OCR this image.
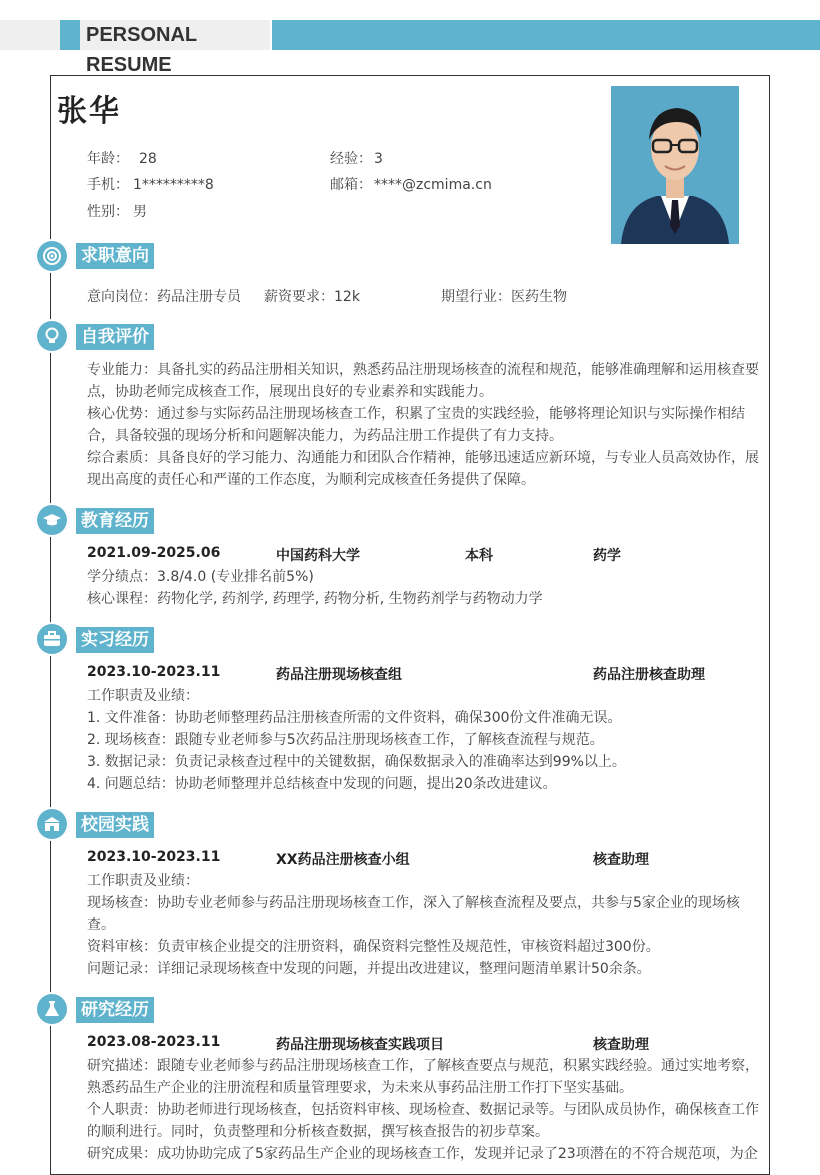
PERSONAL RESUME
张华
年龄： 28	经验： 3
手机： 1*********8	邮箱： ****@zcmima.cn
性别： 男
求职意向
意向岗位：药品注册专员 薪资要求：12k	期望行业：医药生物
自我评价
专业能力：具备扎实的药品注册相关知识，熟悉药品注册现场核查的流程和规范，能够准确理解和运用核查要
点，协助老师完成核查工作，展现出良好的专业素养和实践能力。
核心优势：通过参与实际药品注册现场核查工作，积累了宝贵的实践经验，能够将理论知识与实际操作相结
合，具备较强的现场分析和问题解决能力，为药品注册工作提供了有力支持。
综合素质：具备良好的学习能力、沟通能力和团队合作精神，能够迅速适应新环境，与专业人员高效协作，展
现出高度的责任心和严谨的工作态度，为顺利完成核查任务提供了保障。
教育经历
2021.09-2025.06	中国药科大学	本科	药学
学分绩点：3.8/4.0 (专业排名前5%)
核心课程：药物化学, 药剂学, 药理学, 药物分析, 生物药剂学与药物动力学
实习经历
2023.10-2023.11	药品注册现场核查组	药品注册核查助理
工作职责及业绩：
1. 文件准备：协助老师整理药品注册核查所需的文件资料，确保300份文件准确无误。
2. 现场核查：跟随专业老师参与5次药品注册现场核查工作，了解核查流程与规范。
3. 数据记录：负责记录核查过程中的关键数据，确保数据录入的准确率达到99%以上。
4. 问题总结：协助老师整理并总结核查中发现的问题，提出20条改进建议。
校园实践
2023.10-2023.11	XX药品注册核查小组	核查助理
工作职责及业绩：
现场核查：协助专业老师参与药品注册现场核查工作，深入了解核查流程及要点，共参与5家企业的现场核
查。
资料审核：负责审核企业提交的注册资料，确保资料完整性及规范性，审核资料超过300份。
问题记录：详细记录现场核查中发现的问题，并提出改进建议，整理问题清单累计50余条。
研究经历
2023.08-2023.11	药品注册现场核查实践项目	核查助理
研究描述：跟随专业老师参与药品注册现场核查工作，了解核查要点与规范，积累实践经验。通过实地考察，
熟悉药品生产企业的注册流程和质量管理要求，为未来从事药品注册工作打下坚实基础。
个人职责：协助老师进行现场核查，包括资料审核、现场检查、数据记录等。与团队成员协作，确保核查工作
的顺利进行。同时，负责整理和分析核查数据，撰写核查报告的初步草案。
研究成果：成功协助完成了5家药品生产企业的现场核查工作，发现并记录了23项潜在的不符合规范项，为企
